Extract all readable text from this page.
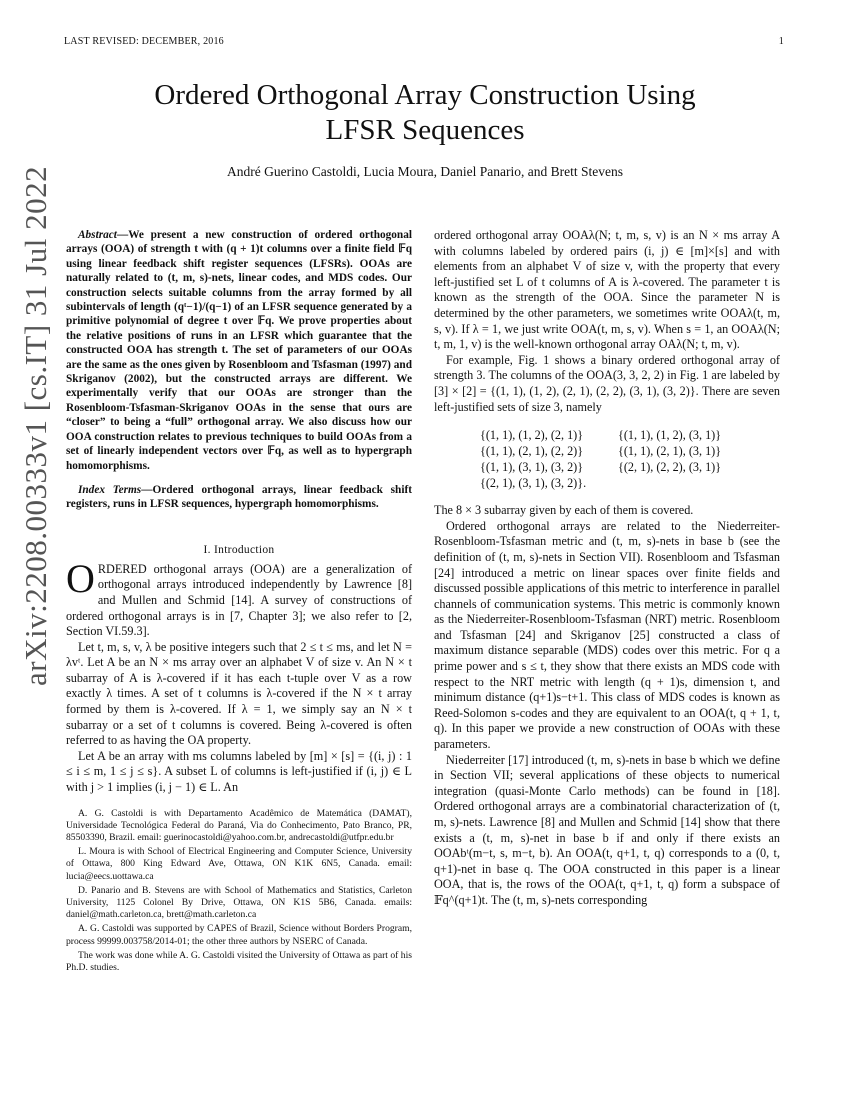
LAST REVISED: DECEMBER, 2016	1
arXiv:2208.00333v1 [cs.IT] 31 Jul 2022
Ordered Orthogonal Array Construction Using
LFSR Sequences
André Guerino Castoldi, Lucia Moura, Daniel Panario, and Brett Stevens

Abstract—We present a new construction of ordered orthogonal arrays (OOA) of strength t with (q + 1)t columns over a finite field 𝔽q using linear feedback shift register sequences (LFSRs). OOAs are naturally related to (t, m, s)-nets, linear codes, and MDS codes. Our construction selects suitable columns from the array formed by all subintervals of length (qᵗ−1)/(q−1) of an LFSR sequence generated by a primitive polynomial of degree t over 𝔽q. We prove properties about the relative positions of runs in an LFSR which guarantee that the constructed OOA has strength t. The set of parameters of our OOAs are the same as the ones given by Rosenbloom and Tsfasman (1997) and Skriganov (2002), but the constructed arrays are different. We experimentally verify that our OOAs are stronger than the Rosenbloom-Tsfasman-Skriganov OOAs in the sense that ours are “closer” to being a “full” orthogonal array. We also discuss how our OOA construction relates to previous techniques to build OOAs from a set of linearly independent vectors over 𝔽q, as well as to hypergraph homomorphisms.

Index Terms—Ordered orthogonal arrays, linear feedback shift registers, runs in LFSR sequences, hypergraph homomorphisms.

I. Introduction

ORDERED orthogonal arrays (OOA) are a generalization of orthogonal arrays introduced independently by Lawrence [8] and Mullen and Schmid [14]. A survey of constructions of ordered orthogonal arrays is in [7, Chapter 3]; we also refer to [2, Section VI.59.3].

Let t, m, s, v, λ be positive integers such that 2 ≤ t ≤ ms, and let N = λvᵗ. Let A be an N × ms array over an alphabet V of size v. An N × t subarray of A is λ-covered if it has each t-tuple over V as a row exactly λ times. A set of t columns is λ-covered if the N × t array formed by them is λ-covered. If λ = 1, we simply say an N × t subarray or a set of t columns is covered. Being λ-covered is often referred to as having the OA property.

Let A be an array with ms columns labeled by [m] × [s] = {(i, j) : 1 ≤ i ≤ m, 1 ≤ j ≤ s}. A subset L of columns is left-justified if (i, j) ∈ L with j > 1 implies (i, j − 1) ∈ L. An

A. G. Castoldi is with Departamento Acadêmico de Matemática (DAMAT), Universidade Tecnológica Federal do Paraná, Via do Conhecimento, Pato Branco, PR, 85503390, Brazil. email: guerinocastoldi@yahoo.com.br, andrecastoldi@utfpr.edu.br

L. Moura is with School of Electrical Engineering and Computer Science, University of Ottawa, 800 King Edward Ave, Ottawa, ON K1K 6N5, Canada. email: lucia@eecs.uottawa.ca

D. Panario and B. Stevens are with School of Mathematics and Statistics, Carleton University, 1125 Colonel By Drive, Ottawa, ON K1S 5B6, Canada. emails: daniel@math.carleton.ca, brett@math.carleton.ca

A. G. Castoldi was supported by CAPES of Brazil, Science without Borders Program, process 99999.003758/2014-01; the other three authors by NSERC of Canada.

The work was done while A. G. Castoldi visited the University of Ottawa as part of his Ph.D. studies.

ordered orthogonal array OOAλ(N; t, m, s, v) is an N × ms array A with columns labeled by ordered pairs (i, j) ∈ [m]×[s] and with elements from an alphabet V of size v, with the property that every left-justified set L of t columns of A is λ-covered. The parameter t is known as the strength of the OOA. Since the parameter N is determined by the other parameters, we sometimes write OOAλ(t, m, s, v). If λ = 1, we just write OOA(t, m, s, v). When s = 1, an OOAλ(N; t, m, 1, v) is the well-known orthogonal array OAλ(N; t, m, v).

For example, Fig. 1 shows a binary ordered orthogonal array of strength 3. The columns of the OOA(3, 3, 2, 2) in Fig. 1 are labeled by [3] × [2] = {(1, 1), (1, 2), (2, 1), (2, 2), (3, 1), (3, 2)}. There are seven left-justified sets of size 3, namely

{(1, 1), (1, 2), (2, 1)}	{(1, 1), (1, 2), (3, 1)}
{(1, 1), (2, 1), (2, 2)}	{(1, 1), (2, 1), (3, 1)}
{(1, 1), (3, 1), (3, 2)}	{(2, 1), (2, 2), (3, 1)}
{(2, 1), (3, 1), (3, 2)}.

The 8 × 3 subarray given by each of them is covered.

Ordered orthogonal arrays are related to the Niederreiter-Rosenbloom-Tsfasman metric and (t, m, s)-nets in base b (see the definition of (t, m, s)-nets in Section VII). Rosenbloom and Tsfasman [24] introduced a metric on linear spaces over finite fields and discussed possible applications of this metric to interference in parallel channels of communication systems. This metric is commonly known as the Niederreiter-Rosenbloom-Tsfasman (NRT) metric. Rosenbloom and Tsfasman [24] and Skriganov [25] constructed a class of maximum distance separable (MDS) codes over this metric. For q a prime power and s ≤ t, they show that there exists an MDS code with respect to the NRT metric with length (q + 1)s, dimension t, and minimum distance (q+1)s−t+1. This class of MDS codes is known as Reed-Solomon s-codes and they are equivalent to an OOA(t, q + 1, t, q). In this paper we provide a new construction of OOAs with these parameters.

Niederreiter [17] introduced (t, m, s)-nets in base b which we define in Section VII; several applications of these objects to numerical integration (quasi-Monte Carlo methods) can be found in [18]. Ordered orthogonal arrays are a combinatorial characterization of (t, m, s)-nets. Lawrence [8] and Mullen and Schmid [14] show that there exists a (t, m, s)-net in base b if and only if there exists an OOAbᵗ(m−t, s, m−t, b). An OOA(t, q+1, t, q) corresponds to a (0, t, q+1)-net in base q. The OOA constructed in this paper is a linear OOA, that is, the rows of the OOA(t, q+1, t, q) form a subspace of 𝔽q^(q+1)t. The (t, m, s)-nets corresponding
